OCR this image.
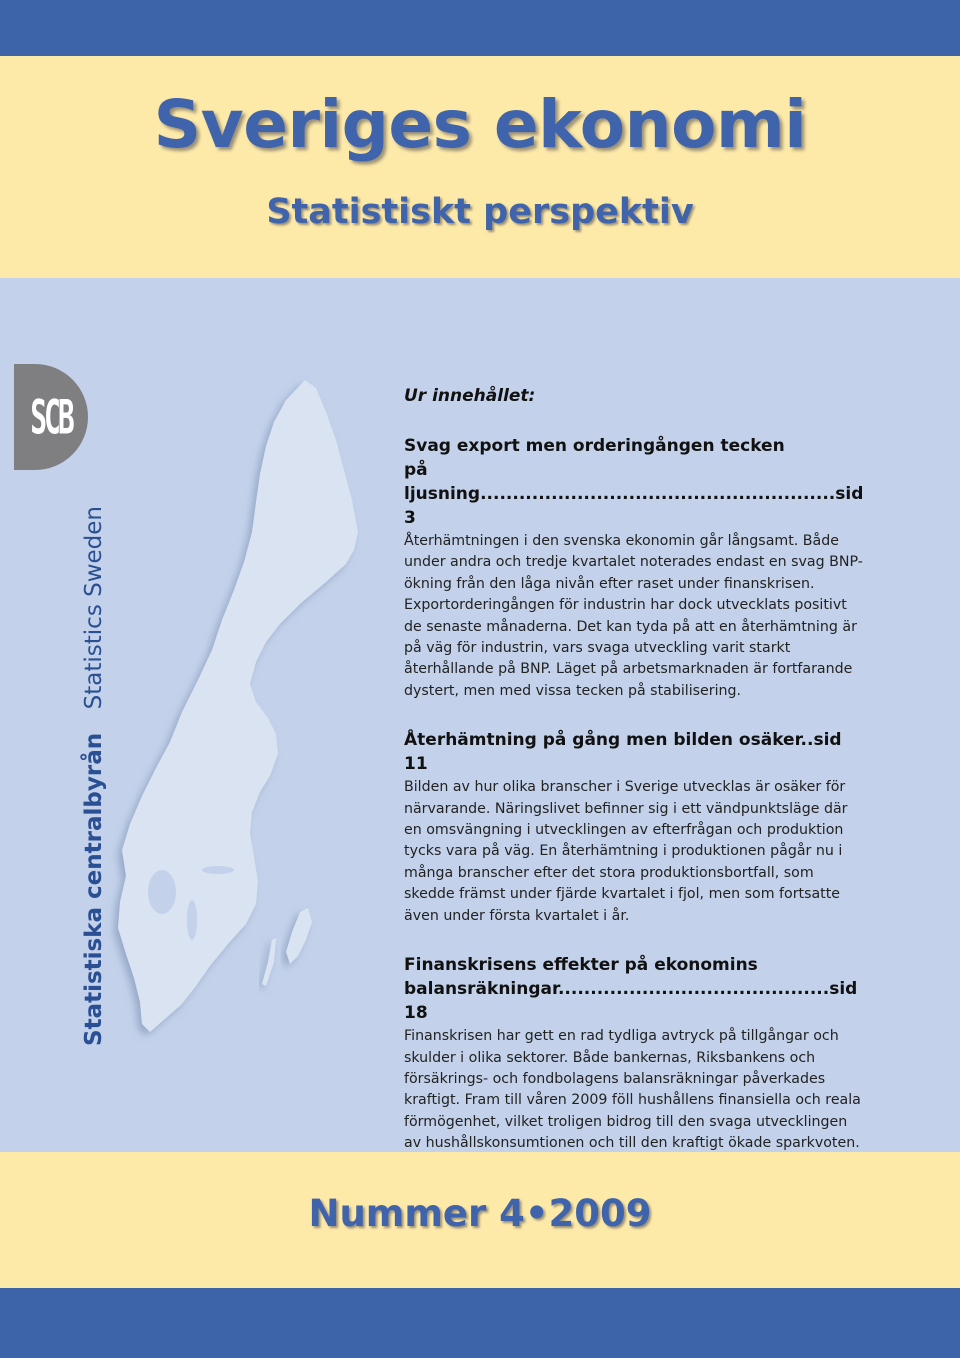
Sveriges ekonomi
Statistiskt perspektiv
SCB
Statistiska centralbyrån
Statistics Sweden
Ur innehållet:

Svag export men orderingången tecken
på ljusning.......................................................sid 3

Återhämtningen i den svenska ekonomin går långsamt. Både under andra och tredje kvartalet noterades endast en svag BNP-ökning från den låga nivån efter raset under finanskrisen. Exportorderingången för industrin har dock utvecklats positivt de senaste månaderna. Det kan tyda på att en återhämtning är på väg för industrin, vars svaga utveckling varit starkt återhållande på BNP. Läget på arbetsmarknaden är fortfarande dystert, men med vissa tecken på stabilisering.

Återhämtning på gång men bilden osäker..sid 11

Bilden av hur olika branscher i Sverige utvecklas är osäker för närvarande. Näringslivet befinner sig i ett vändpunktsläge där en omsvängning i utvecklingen av efterfrågan och produktion tycks vara på väg. En återhämtning i produktionen pågår nu i många branscher efter det stora produktionsbortfall, som skedde främst under fjärde kvartalet i fjol, men som fortsatte även under första kvartalet i år.

Finanskrisens effekter på ekonomins
balansräkningar..........................................sid 18

Finanskrisen har gett en rad tydliga avtryck på tillgångar och skulder i olika sektorer. Både bankernas, Riksbankens och försäkrings- och fondbolagens balansräkningar påverkades kraftigt. Fram till våren 2009 föll hushållens finansiella och reala förmögenhet, vilket troligen bidrog till den svaga utvecklingen av hushållskonsumtionen och till den kraftigt ökade sparkvoten.

Nummer 4•2009
